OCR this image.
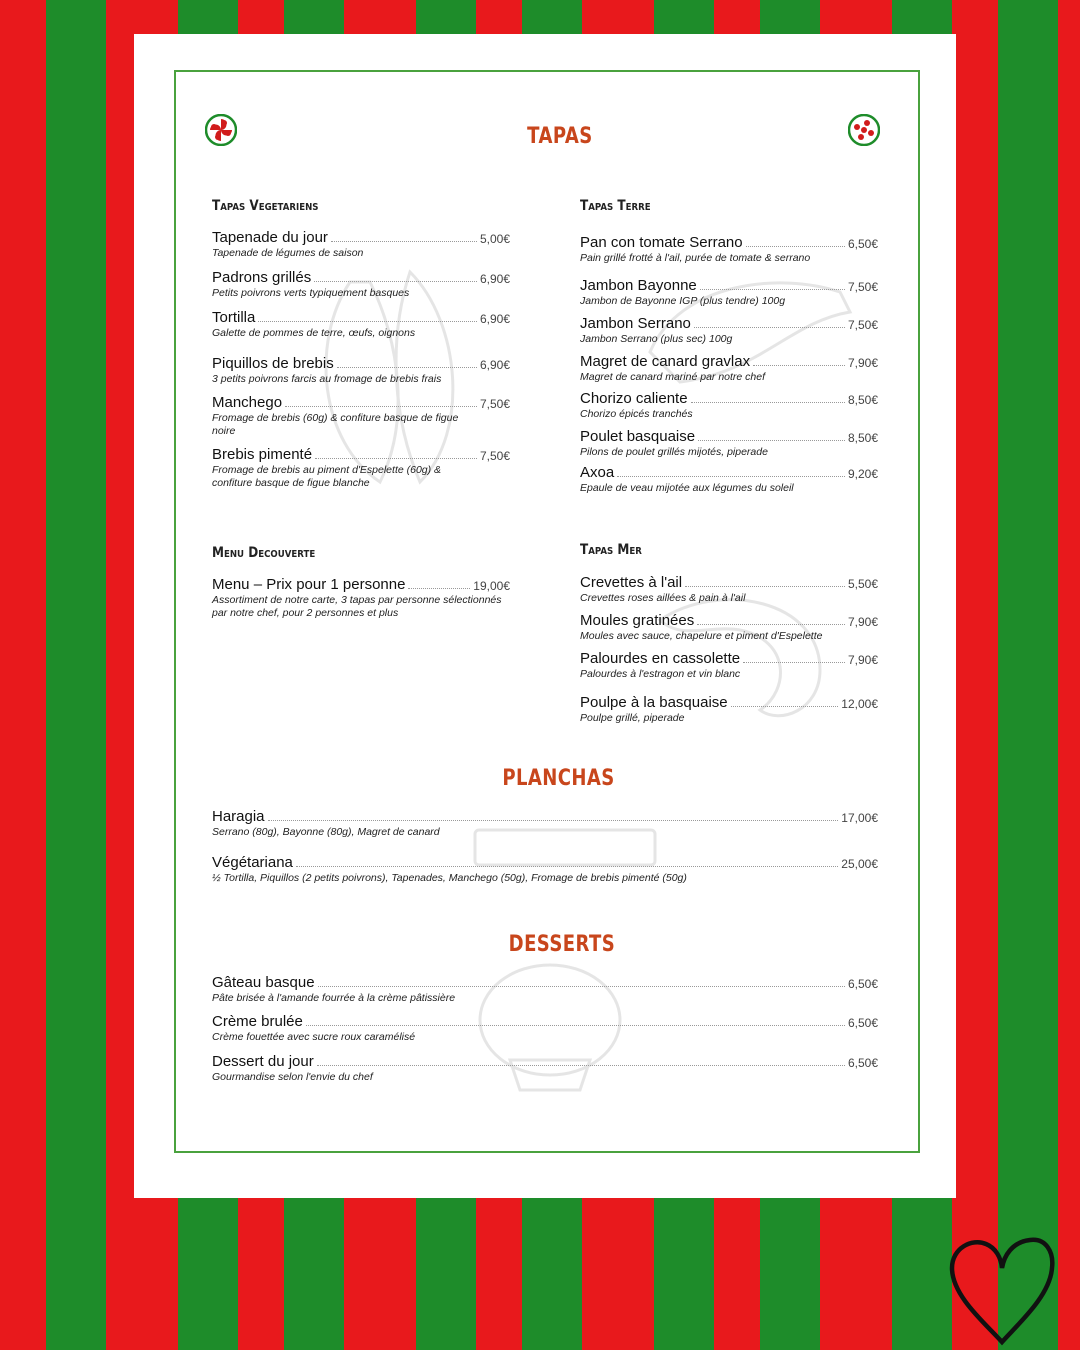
TAPAS
PLANCHAS
DESSERTS
Tapas Vegetariens	Tapas Terre
Menu Decouverte	Tapas Mer
Tapenade du jour	5,00€
Tapenade de légumes de saison
Padrons grillés	6,90€
Petits poivrons verts typiquement basques
Tortilla	6,90€
Galette de pommes de terre, œufs, oignons
Piquillos de brebis	6,90€
3 petits poivrons farcis au fromage de brebis frais
Manchego	7,50€
Fromage de brebis (60g) & confiture basque de figue noire
Brebis pimenté	7,50€
Fromage de brebis au piment d'Espelette (60g) & confiture basque de figue blanche
Pan con tomate Serrano	6,50€
Pain grillé frotté à l'ail, purée de tomate & serrano
Jambon Bayonne	7,50€
Jambon de Bayonne IGP (plus tendre) 100g
Jambon Serrano	7,50€
Jambon Serrano (plus sec) 100g
Magret de canard gravlax	7,90€
Magret de canard mariné par notre chef
Chorizo caliente	8,50€
Chorizo épicés tranchés
Poulet basquaise	8,50€
Pilons de poulet grillés mijotés, piperade
Axoa	9,20€
Epaule de veau mijotée aux légumes du soleil
Menu – Prix pour 1 personne	19,00€
Assortiment de notre carte, 3 tapas par personne sélectionnés par notre chef, pour 2 personnes et plus
Crevettes à l'ail	5,50€
Crevettes roses aillées & pain à l'ail
Moules gratinées	7,90€
Moules avec sauce, chapelure et piment d'Espelette
Palourdes en cassolette	7,90€
Palourdes à l'estragon et vin blanc
Poulpe à la basquaise	12,00€
Poulpe grillé, piperade
Haragia	17,00€
Serrano (80g), Bayonne (80g), Magret de canard
Végétariana	25,00€
½ Tortilla, Piquillos (2 petits poivrons), Tapenades, Manchego (50g), Fromage de brebis pimenté (50g)
Gâteau basque	6,50€
Pâte brisée à l'amande fourrée à la crème pâtissière
Crème brulée	6,50€
Crème fouettée avec sucre roux caramélisé
Dessert du jour	6,50€
Gourmandise selon l'envie du chef
